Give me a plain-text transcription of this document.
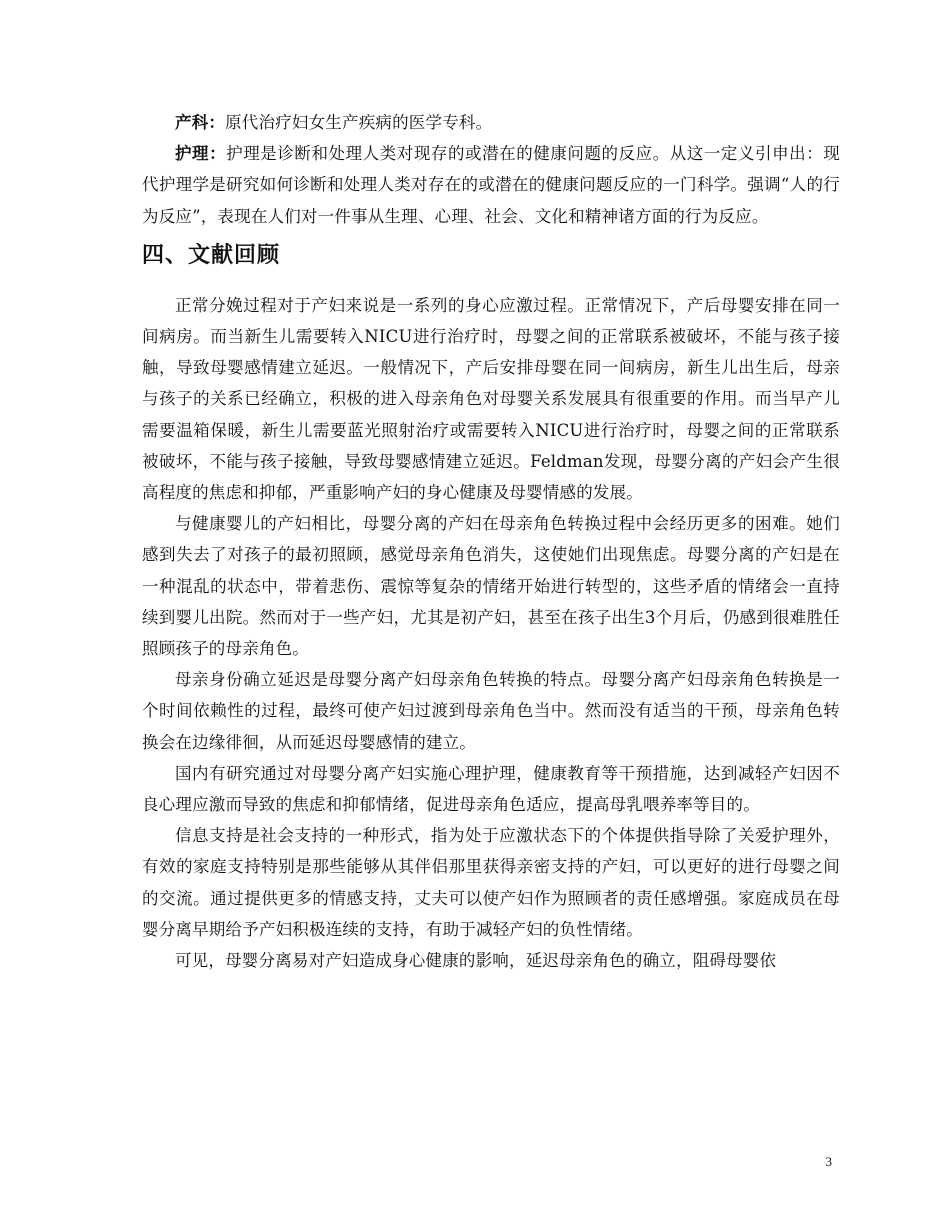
产科：原代治疗妇女生产疾病的医学专科。

护理：护理是诊断和处理人类对现存的或潜在的健康问题的反应。从这一定义引申出：现代护理学是研究如何诊断和处理人类对存在的或潜在的健康问题反应的一门科学。强调“人的行为反应”，表现在人们对一件事从生理、心理、社会、文化和精神诸方面的行为反应。

四、文献回顾

正常分娩过程对于产妇来说是一系列的身心应激过程。正常情况下，产后母婴安排在同一间病房。而当新生儿需要转入NICU进行治疗时，母婴之间的正常联系被破坏，不能与孩子接触，导致母婴感情建立延迟。一般情况下，产后安排母婴在同一间病房，新生儿出生后，母亲与孩子的关系已经确立，积极的进入母亲角色对母婴关系发展具有很重要的作用。而当早产儿需要温箱保暖，新生儿需要蓝光照射治疗或需要转入NICU进行治疗时，母婴之间的正常联系被破坏，不能与孩子接触，导致母婴感情建立延迟。Feldman发现，母婴分离的产妇会产生很高程度的焦虑和抑郁，严重影响产妇的身心健康及母婴情感的发展。

与健康婴儿的产妇相比，母婴分离的产妇在母亲角色转换过程中会经历更多的困难。她们感到失去了对孩子的最初照顾，感觉母亲角色消失，这使她们出现焦虑。母婴分离的产妇是在一种混乱的状态中，带着悲伤、震惊等复杂的情绪开始进行转型的，这些矛盾的情绪会一直持续到婴儿出院。然而对于一些产妇，尤其是初产妇，甚至在孩子出生3个月后，仍感到很难胜任照顾孩子的母亲角色。

母亲身份确立延迟是母婴分离产妇母亲角色转换的特点。母婴分离产妇母亲角色转换是一个时间依赖性的过程，最终可使产妇过渡到母亲角色当中。然而没有适当的干预，母亲角色转换会在边缘徘徊，从而延迟母婴感情的建立。

国内有研究通过对母婴分离产妇实施心理护理，健康教育等干预措施，达到减轻产妇因不良心理应激而导致的焦虑和抑郁情绪，促进母亲角色适应，提高母乳喂养率等目的。

信息支持是社会支持的一种形式，指为处于应激状态下的个体提供指导除了关爱护理外，有效的家庭支持特别是那些能够从其伴侣那里获得亲密支持的产妇，可以更好的进行母婴之间的交流。通过提供更多的情感支持，丈夫可以使产妇作为照顾者的责任感增强。家庭成员在母婴分离早期给予产妇积极连续的支持，有助于减轻产妇的负性情绪。

可见，母婴分离易对产妇造成身心健康的影响，延迟母亲角色的确立，阻碍母婴依

3
